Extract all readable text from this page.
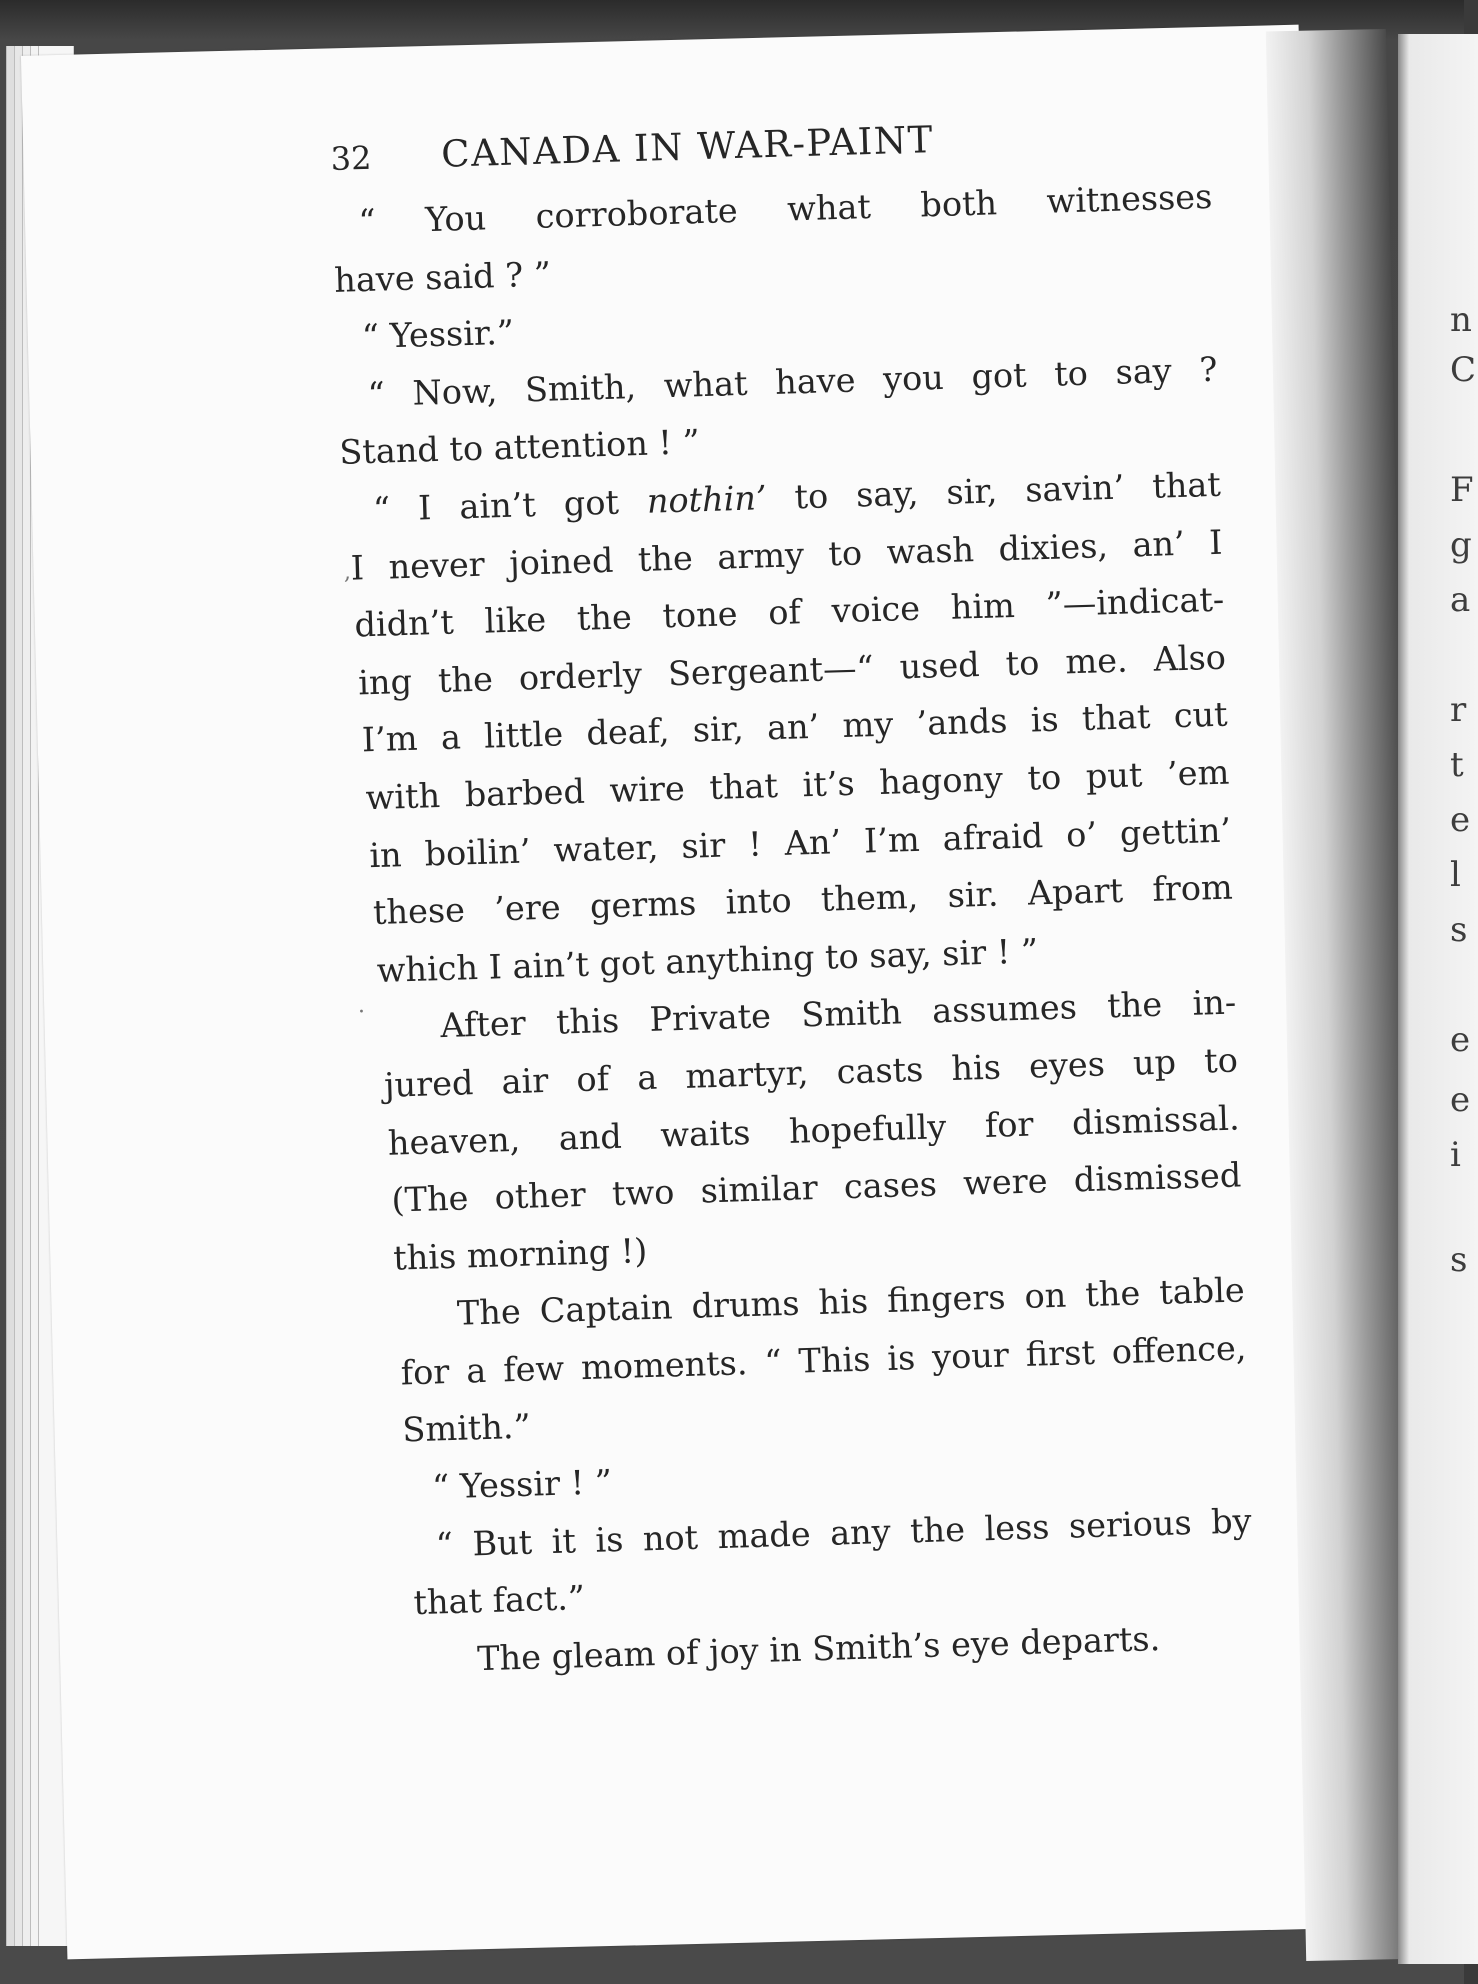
n
C
F
g
a
r
t
e
l
s
e
e
i
s
,
·
32 CANADA IN WAR-PAINT
“ You corroborate what both witnesses
have said ? ”
“ Yessir.”
“ Now, Smith, what have you got to say ?
Stand to attention ! ”
“ I ain’t got nothin’ to say, sir, savin’ that
I never joined the army to wash dixies, an’ I
didn’t like the tone of voice him ”—indicat-
ing the orderly Sergeant—“ used to me. Also
I’m a little deaf, sir, an’ my ’ands is that cut
with barbed wire that it’s hagony to put ’em
in boilin’ water, sir ! An’ I’m afraid o’ gettin’
these ’ere germs into them, sir. Apart from
which I ain’t got anything to say, sir ! ”
After this Private Smith assumes the in-
jured air of a martyr, casts his eyes up to
heaven, and waits hopefully for dismissal.
(The other two similar cases were dismissed
this morning !)
The Captain drums his fingers on the table
for a few moments. “ This is your first offence,
Smith.”
“ Yessir ! ”
“ But it is not made any the less serious by
that fact.”
The gleam of joy in Smith’s eye departs.
